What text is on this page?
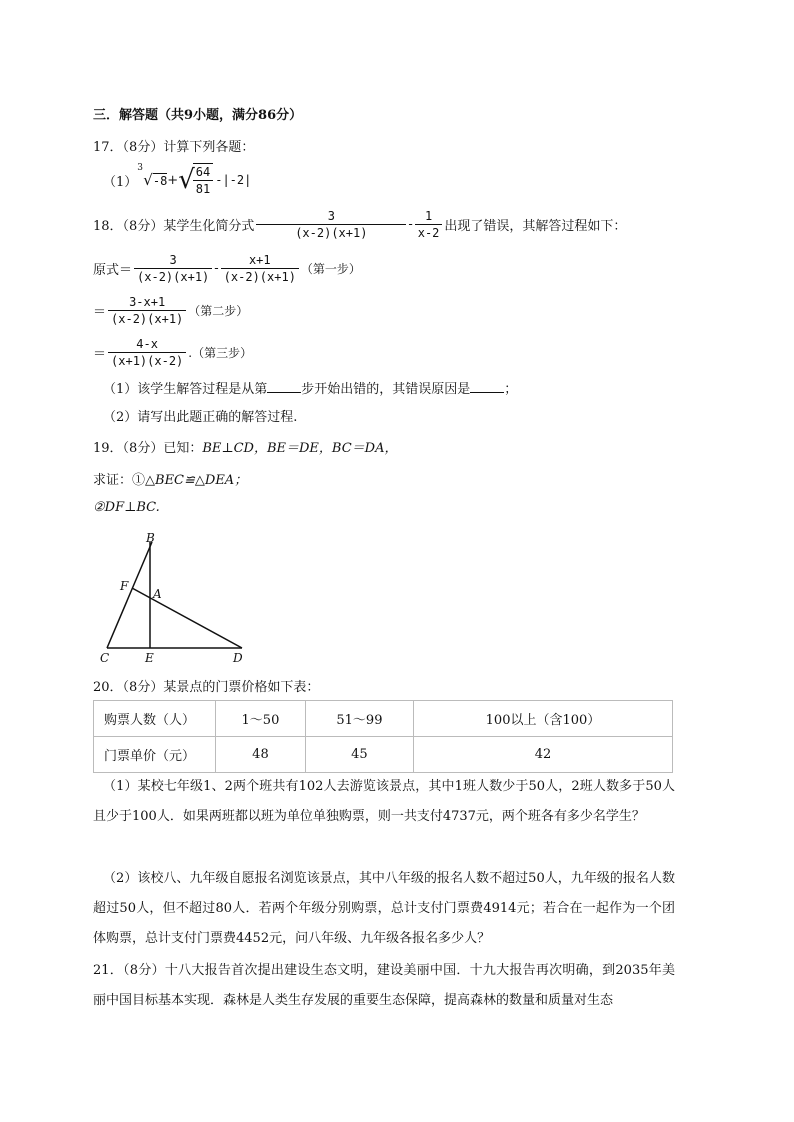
三．解答题（共9小题，满分86分）
17．（8分）计算下列各题：
（1）
3
√-8 + √
$\frac{64}{81} -|-2|$
18．（8分）某学生化简分式 $\frac{3}{(x-2)(x+1)} - \frac{1}{x-2}$ 出现了错误，其解答过程如下：
原式＝ $\frac{3}{(x-2)(x+1)} - \frac{x+1}{(x-2)(x+1)}$ （第一步）
＝ $\frac{3-x+1}{(x-2)(x+1)}$ （第二步）
＝ $\frac{4-x}{(x+1)(x-2)}$ .（第三步）
（1）该学生解答过程是从第	步开始出错的，其错误原因是	；
（2）请写出此题正确的解答过程.
19．（8分）已知：BE⊥CD，BE＝DE，BC＝DA，
求证：①△BEC≌△DEA；
②DF⊥BC.
B
F
A
C	E	D
20．（8分）某景点的门票价格如下表：
购票人数（人）	1～50	51～99	100以上（含100）
门票单价（元）	48	45	42
（1）某校七年级1、2两个班共有102人去游览该景点，其中1班人数少于50人，2班人数多于50人且少于100人．如果两班都以班为单位单独购票，则一共支付4737元，两个班各有多少名学生？
（2）该校八、九年级自愿报名浏览该景点，其中八年级的报名人数不超过50人，九年级的报名人数超过50人，但不超过80人．若两个年级分别购票，总计支付门票费4914元；若合在一起作为一个团体购票，总计支付门票费4452元，问八年级、九年级各报名多少人？
21．（8分）十八大报告首次提出建设生态文明，建设美丽中国．十九大报告再次明确，到2035年美丽中国目标基本实现．森林是人类生存发展的重要生态保障，提高森林的数量和质量对生态
